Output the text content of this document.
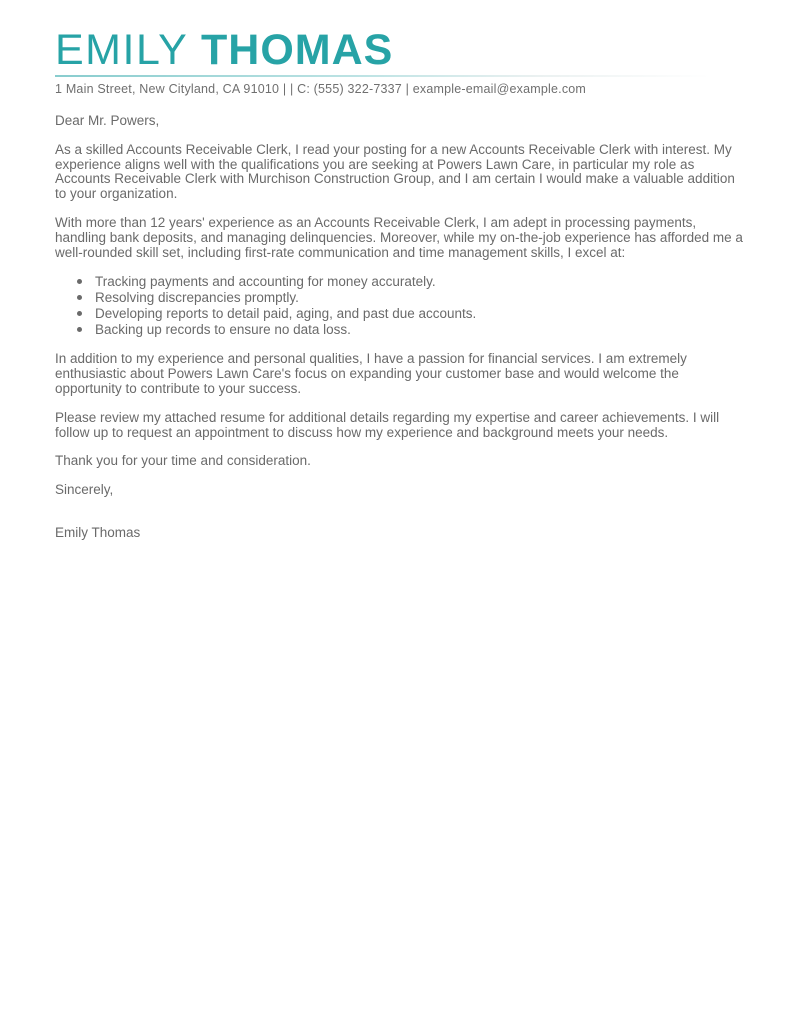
EMILY THOMAS
1 Main Street, New Cityland, CA 91010 | | C: (555) 322-7337 | example-email@example.com

Dear Mr. Powers,

As a skilled Accounts Receivable Clerk, I read your posting for a new Accounts Receivable Clerk with interest. My experience aligns well with the qualifications you are seeking at Powers Lawn Care, in particular my role as Accounts Receivable Clerk with Murchison Construction Group, and I am certain I would make a valuable addition to your organization.

With more than 12 years' experience as an Accounts Receivable Clerk, I am adept in processing payments, handling bank deposits, and managing delinquencies. Moreover, while my on-the-job experience has afforded me a well-rounded skill set, including first-rate communication and time management skills, I excel at:

Tracking payments and accounting for money accurately.
Resolving discrepancies promptly.
Developing reports to detail paid, aging, and past due accounts.
Backing up records to ensure no data loss.

In addition to my experience and personal qualities, I have a passion for financial services. I am extremely enthusiastic about Powers Lawn Care's focus on expanding your customer base and would welcome the opportunity to contribute to your success.

Please review my attached resume for additional details regarding my expertise and career achievements. I will follow up to request an appointment to discuss how my experience and background meets your needs.

Thank you for your time and consideration.

Sincerely,

Emily Thomas
